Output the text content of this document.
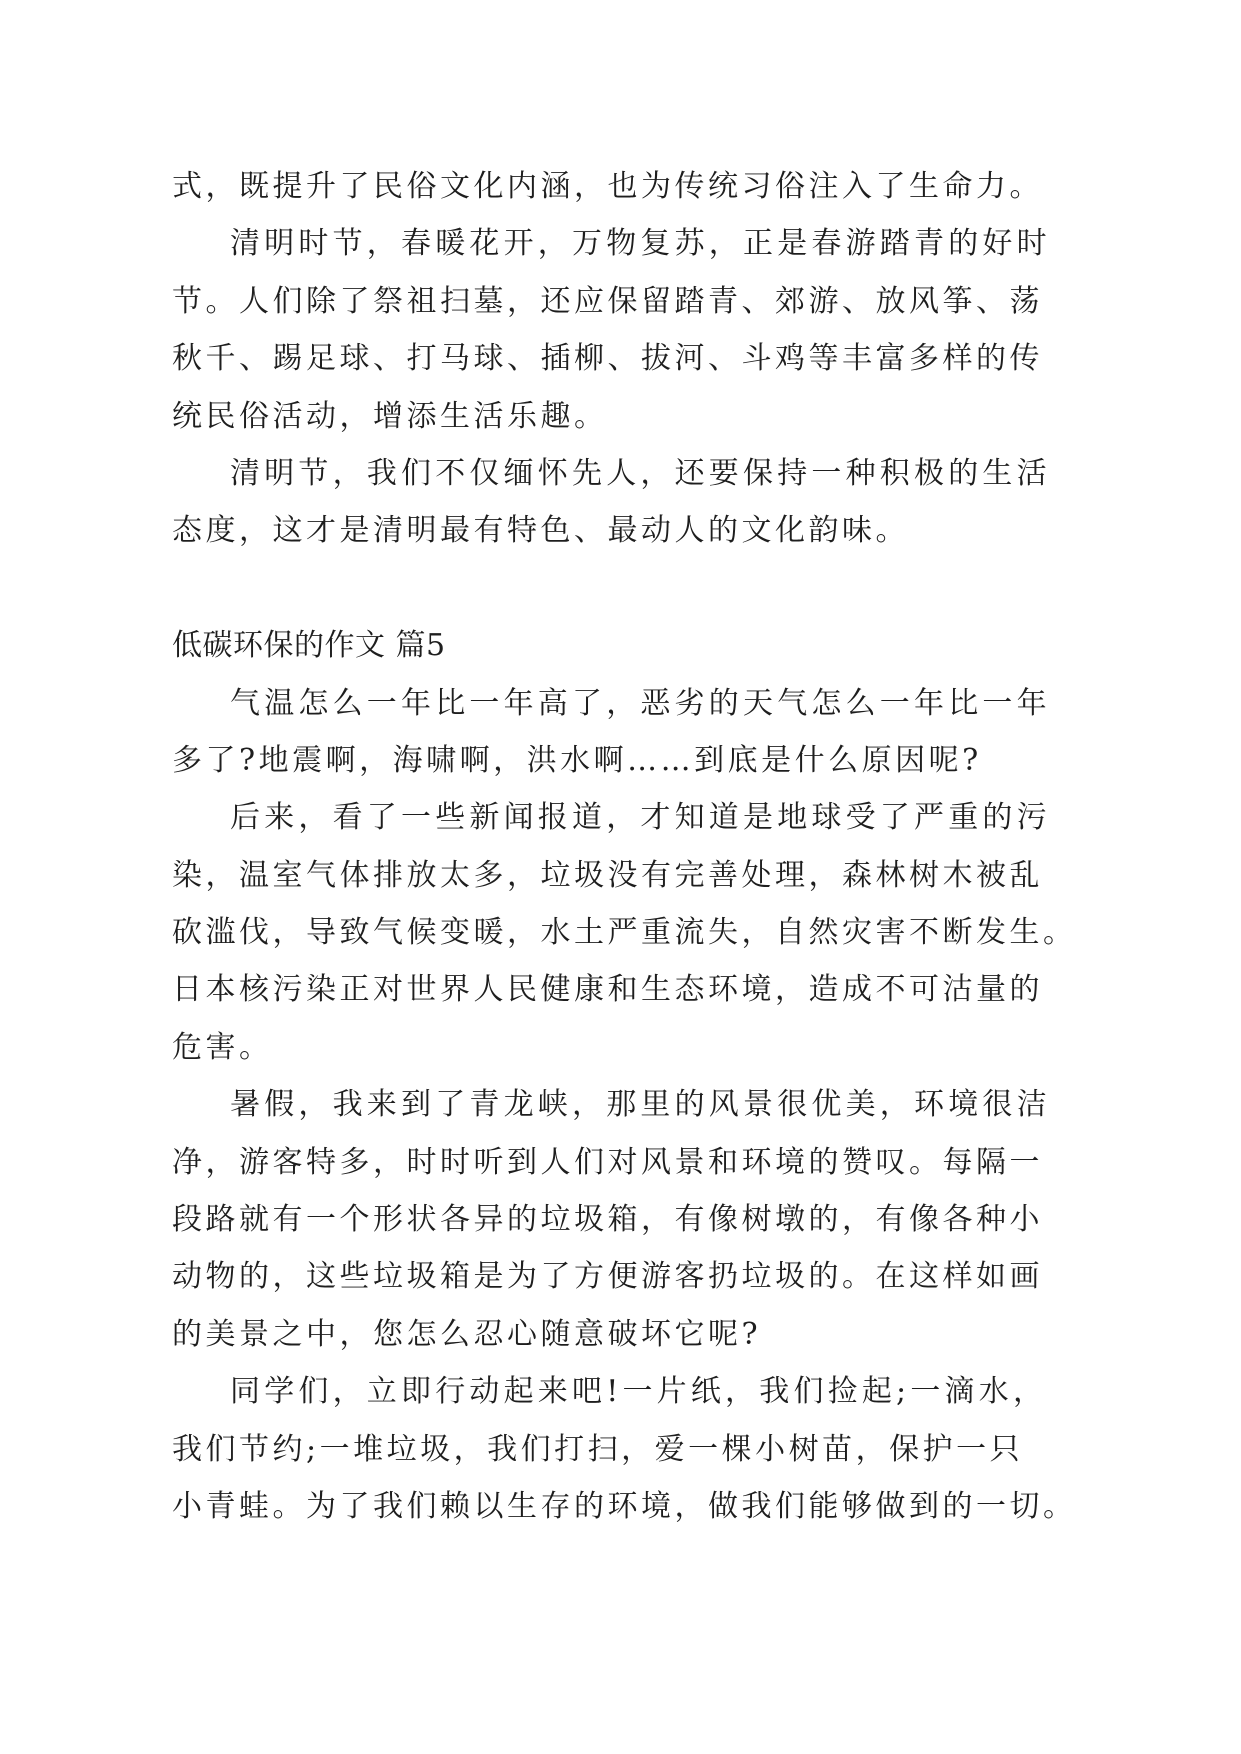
式，既提升了民俗文化内涵，也为传统习俗注入了生命力。
清明时节，春暖花开，万物复苏，正是春游踏青的好时
节。人们除了祭祖扫墓，还应保留踏青、郊游、放风筝、荡
秋千、踢足球、打马球、插柳、拔河、斗鸡等丰富多样的传
统民俗活动，增添生活乐趣。
清明节，我们不仅缅怀先人，还要保持一种积极的生活
态度，这才是清明最有特色、最动人的文化韵味。
低碳环保的作文 篇5
气温怎么一年比一年高了，恶劣的天气怎么一年比一年
多了?地震啊，海啸啊，洪水啊……到底是什么原因呢?
后来，看了一些新闻报道，才知道是地球受了严重的污
染，温室气体排放太多，垃圾没有完善处理，森林树木被乱
砍滥伐，导致气候变暖，水土严重流失，自然灾害不断发生。
日本核污染正对世界人民健康和生态环境，造成不可沽量的
危害。
暑假，我来到了青龙峡，那里的风景很优美，环境很洁
净，游客特多，时时听到人们对风景和环境的赞叹。每隔一
段路就有一个形状各异的垃圾箱，有像树墩的，有像各种小
动物的，这些垃圾箱是为了方便游客扔垃圾的。在这样如画
的美景之中，您怎么忍心随意破坏它呢?
同学们，立即行动起来吧!一片纸，我们捡起;一滴水，
我们节约;一堆垃圾，我们打扫，爱一棵小树苗，保护一只
小青蛙。为了我们赖以生存的环境，做我们能够做到的一切。
